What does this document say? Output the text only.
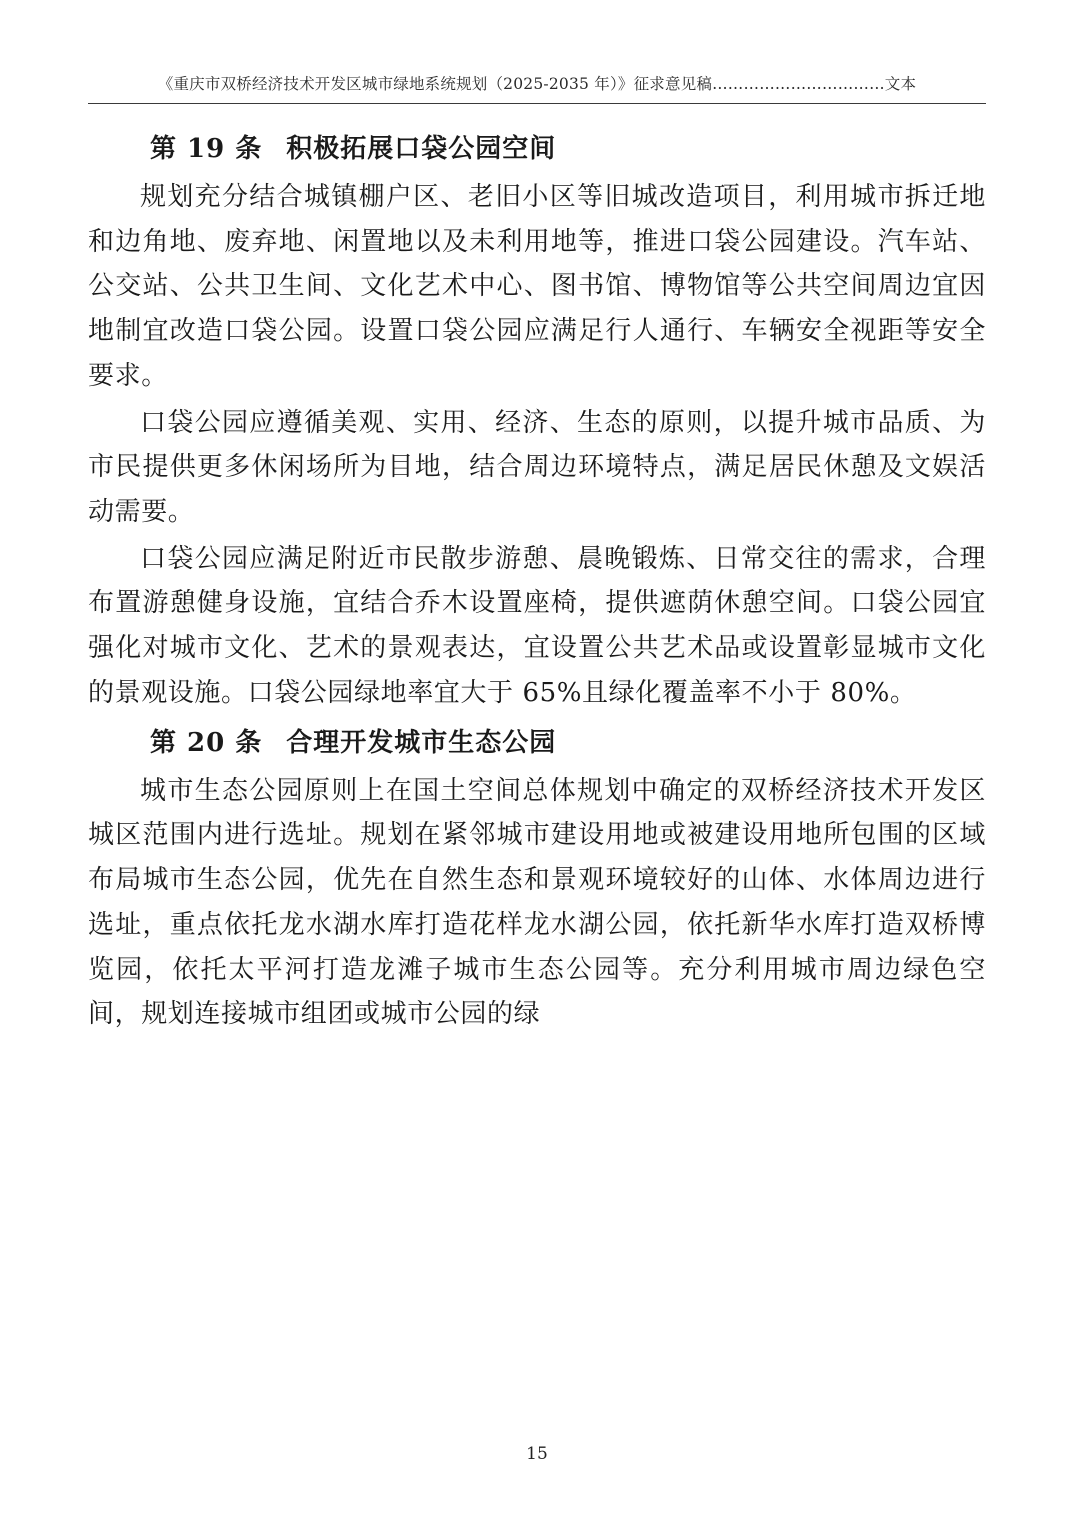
《重庆市双桥经济技术开发区城市绿地系统规划（2025-2035 年）》征求意见稿……………………………文本
第 19 条 积极拓展口袋公园空间

规划充分结合城镇棚户区、老旧小区等旧城改造项目，利用城市拆迁地和边角地、废弃地、闲置地以及未利用地等，推进口袋公园建设。汽车站、公交站、公共卫生间、文化艺术中心、图书馆、博物馆等公共空间周边宜因地制宜改造口袋公园。设置口袋公园应满足行人通行、车辆安全视距等安全要求。

口袋公园应遵循美观、实用、经济、生态的原则，以提升城市品质、为市民提供更多休闲场所为目地，结合周边环境特点，满足居民休憩及文娱活动需要。

口袋公园应满足附近市民散步游憩、晨晚锻炼、日常交往的需求，合理布置游憩健身设施，宜结合乔木设置座椅，提供遮荫休憩空间。口袋公园宜强化对城市文化、艺术的景观表达，宜设置公共艺术品或设置彰显城市文化的景观设施。口袋公园绿地率宜大于 65%且绿化覆盖率不小于 80%。

第 20 条 合理开发城市生态公园

城市生态公园原则上在国土空间总体规划中确定的双桥经济技术开发区城区范围内进行选址。规划在紧邻城市建设用地或被建设用地所包围的区域布局城市生态公园，优先在自然生态和景观环境较好的山体、水体周边进行选址，重点依托龙水湖水库打造花样龙水湖公园，依托新华水库打造双桥博览园，依托太平河打造龙滩子城市生态公园等。充分利用城市周边绿色空间，规划连接城市组团或城市公园的绿

15
